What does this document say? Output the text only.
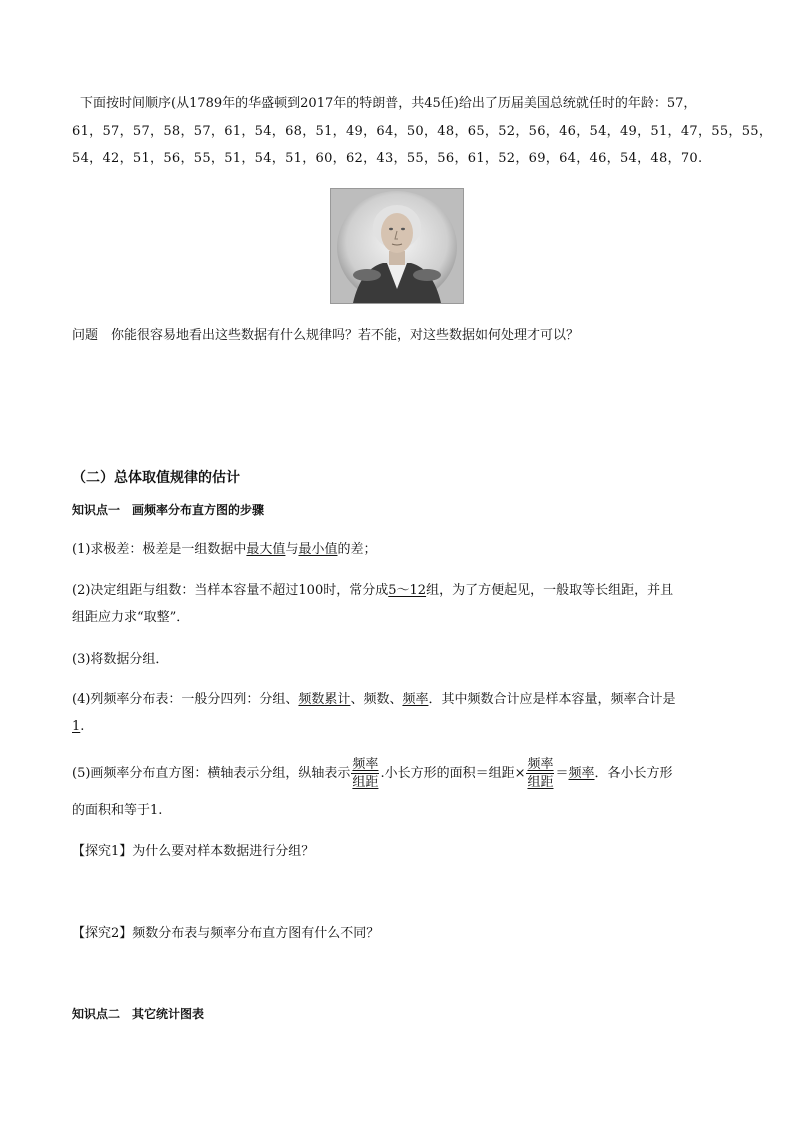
下面按时间顺序(从1789年的华盛顿到2017年的特朗普，共45任)给出了历届美国总统就任时的年龄：57，
61，57，57，58，57，61，54，68，51，49，64，50，48，65，52，56，46，54，49，51，47，55，55，
54，42，51，56，55，51，54，51，60，62，43，55，56，61，52，69，64，46，54，48，70.
问题　你能很容易地看出这些数据有什么规律吗？若不能，对这些数据如何处理才可以？
（二）总体取值规律的估计
知识点一　画频率分布直方图的步骤
(1)求极差：极差是一组数据中最大值与最小值的差；
(2)决定组距与组数：当样本容量不超过100时，常分成5～12组，为了方便起见，一般取等长组距，并且
组距应力求“取整”．
(3)将数据分组．
(4)列频率分布表：一般分四列：分组、频数累计、频数、频率．其中频数合计应是样本容量，频率合计是
1.
(5)画频率分布直方图：横轴表示分组，纵轴表示 $\frac{\text{频率}}{\text{组距}}$ .小长方形的面积＝组距× $\frac{\text{频率}}{\text{组距}}$ ＝频率．各小长方形
的面积和等于1.
【探究1】为什么要对样本数据进行分组？
【探究2】频数分布表与频率分布直方图有什么不同？
知识点二　其它统计图表
